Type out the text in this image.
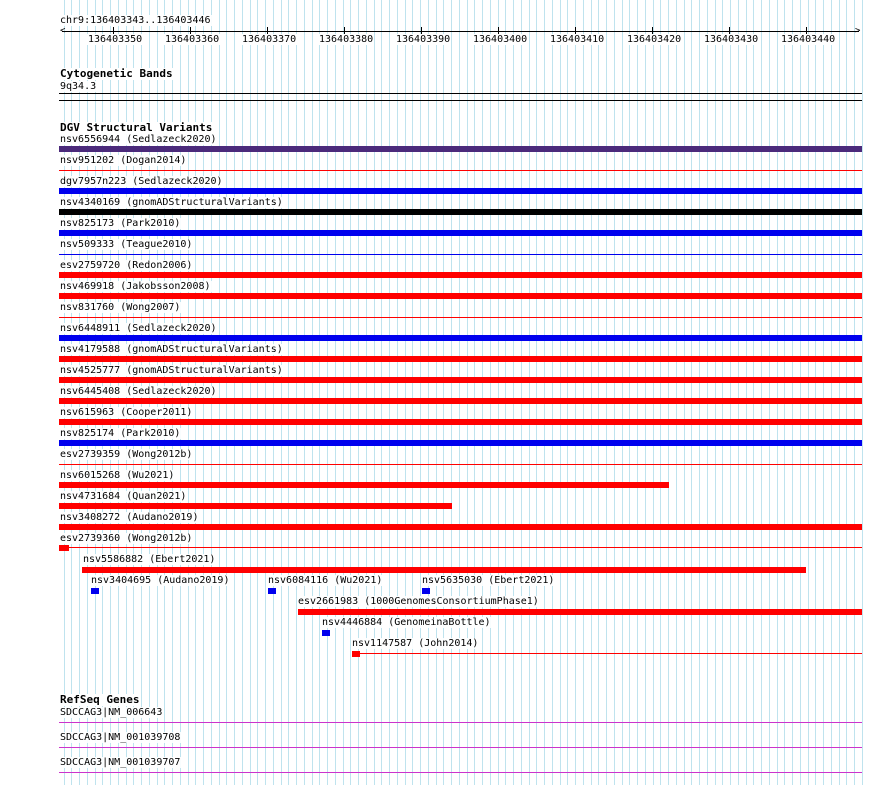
chr9:136403343..136403446
<	>
136403350 136403360 136403370 136403380 136403390 136403400 136403410 136403420 136403430 136403440
Cytogenetic Bands
9q34.3
DGV Structural Variants
nsv6556944 (Sedlazeck2020)
nsv951202 (Dogan2014)
dgv7957n223 (Sedlazeck2020)
nsv4340169 (gnomADStructuralVariants)
nsv825173 (Park2010)
nsv509333 (Teague2010)
esv2759720 (Redon2006)
nsv469918 (Jakobsson2008)
nsv831760 (Wong2007)
nsv6448911 (Sedlazeck2020)
nsv4179588 (gnomADStructuralVariants)
nsv4525777 (gnomADStructuralVariants)
nsv6445408 (Sedlazeck2020)
nsv615963 (Cooper2011)
nsv825174 (Park2010)
esv2739359 (Wong2012b)
nsv6015268 (Wu2021)
nsv4731684 (Quan2021)
nsv3408272 (Audano2019)
esv2739360 (Wong2012b)
nsv5586882 (Ebert2021)
nsv3404695 (Audano2019)	nsv6084116 (Wu2021)	nsv5635030 (Ebert2021)
esv2661983 (1000GenomesConsortiumPhase1)
nsv4446884 (GenomeinaBottle)
nsv1147587 (John2014)
RefSeq Genes
SDCCAG3|NM_006643
SDCCAG3|NM_001039708
SDCCAG3|NM_001039707
